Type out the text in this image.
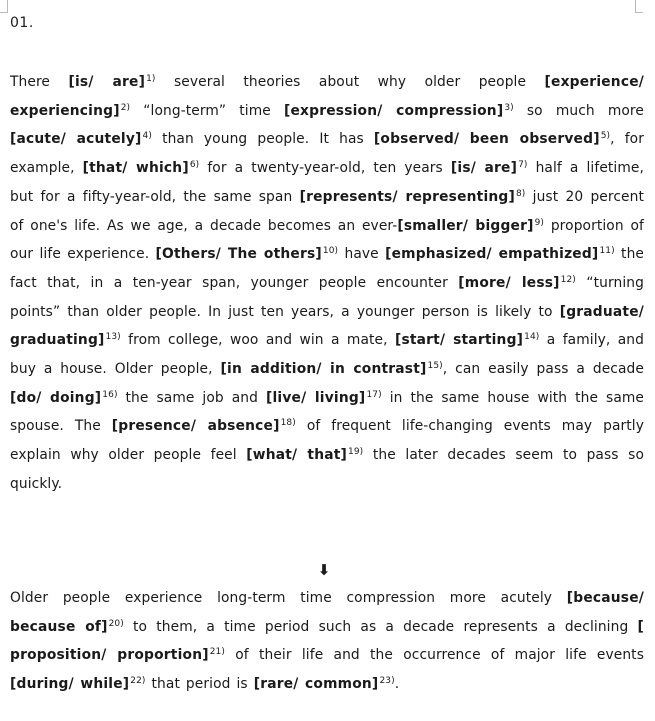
01.
There [is/ are]$^{1)}$ several theories about why older people [experience/ experiencing]$^{2)}$ “long-term” time [expression/ compression]$^{3)}$ so much more [acute/ acutely]$^{4)}$ than young people. It has [observed/ been observed]$^{5)}$, for example, [that/ which]$^{6)}$ for a twenty-year-old, ten years [is/ are]$^{7)}$ half a lifetime, but for a fifty-year-old, the same span [represents/ representing]$^{8)}$ just 20 percent of one's life. As we age, a decade becomes an ever-[smaller/ bigger]$^{9)}$ proportion of our life experience. [Others/ The others]$^{10)}$ have [emphasized/ empathized]$^{11)}$ the fact that, in a ten-year span, younger people encounter [more/ less]$^{12)}$ “turning points” than older people. In just ten years, a younger person is likely to [graduate/ graduating]$^{13)}$ from college, woo and win a mate, [start/ starting]$^{14)}$ a family, and buy a house. Older people, [in addition/ in contrast]$^{15)}$, can easily pass a decade [do/ doing]$^{16)}$ the same job and [live/ living]$^{17)}$ in the same house with the same spouse. The [presence/ absence]$^{18)}$ of frequent life-changing events may partly explain why older people feel [what/ that]$^{19)}$ the later decades seem to pass so quickly.
⬇
Older people experience long-term time compression more acutely [because/ because of]$^{20)}$ to them, a time period such as a decade represents a declining [ proposition/ proportion]$^{21)}$ of their life and the occurrence of major life events [during/ while]$^{22)}$ that period is [rare/ common]$^{23)}$.
